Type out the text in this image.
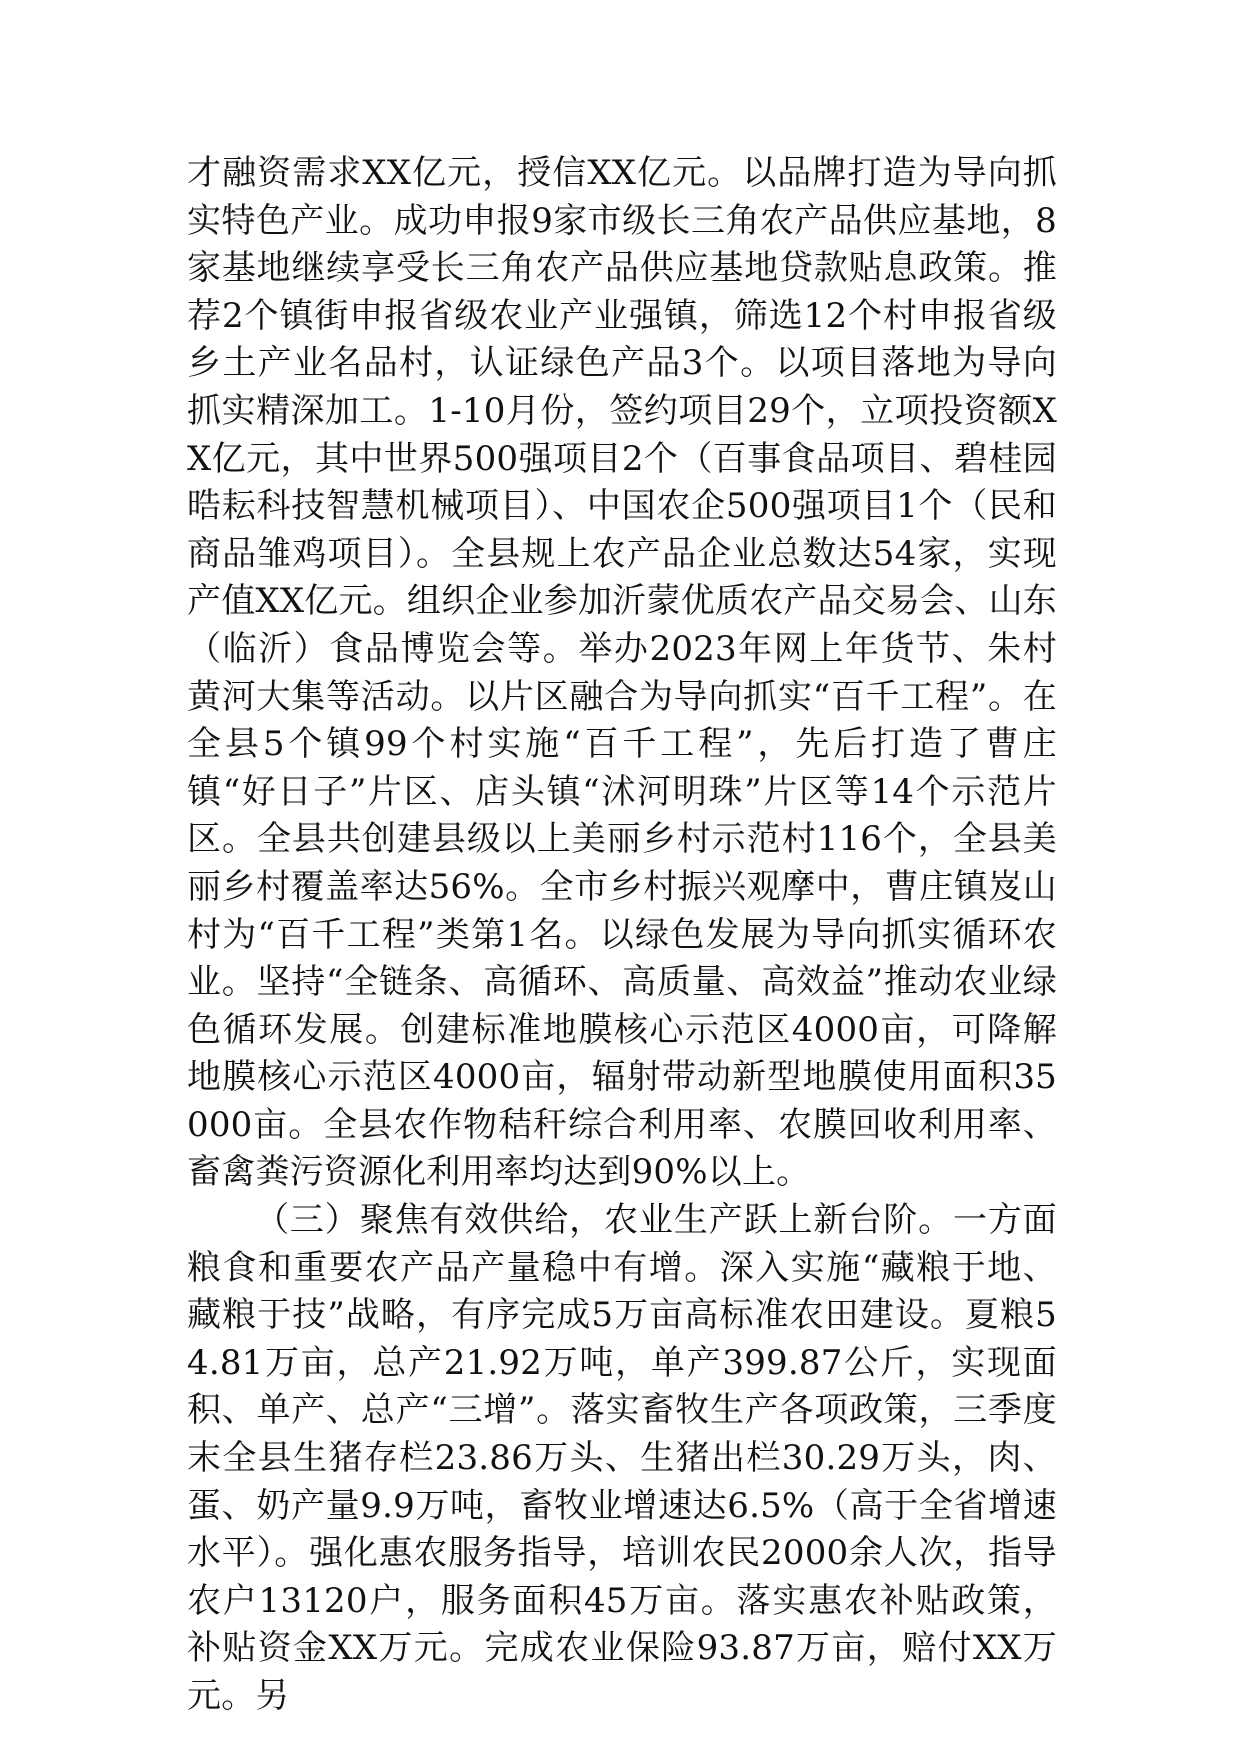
才融资需求XX亿元，授信XX亿元。以品牌打造为导向抓实特色产业。成功申报9家市级长三角农产品供应基地，8家基地继续享受长三角农产品供应基地贷款贴息政策。推荐2个镇街申报省级农业产业强镇，筛选12个村申报省级乡土产业名品村，认证绿色产品3个。以项目落地为导向抓实精深加工。1-10月份，签约项目29个，立项投资额XX亿元，其中世界500强项目2个（百事食品项目、碧桂园晧耘科技智慧机械项目）、中国农企500强项目1个（民和商品雏鸡项目）。全县规上农产品企业总数达54家，实现产值XX亿元。组织企业参加沂蒙优质农产品交易会、山东（临沂）食品博览会等。举办2023年网上年货节、朱村黄河大集等活动。以片区融合为导向抓实“百千工程”。在全县5个镇99个村实施“百千工程”，先后打造了曹庄镇“好日子”片区、店头镇“沭河明珠”片区等14个示范片区。全县共创建县级以上美丽乡村示范村116个，全县美丽乡村覆盖率达56%。全市乡村振兴观摩中，曹庄镇岌山村为“百千工程”类第1名。以绿色发展为导向抓实循环农业。坚持“全链条、高循环、高质量、高效益”推动农业绿色循环发展。创建标准地膜核心示范区4000亩，可降解地膜核心示范区4000亩，辐射带动新型地膜使用面积35000亩。全县农作物秸秆综合利用率、农膜回收利用率、畜禽粪污资源化利用率均达到90%以上。

（三）聚焦有效供给，农业生产跃上新台阶。一方面粮食和重要农产品产量稳中有增。深入实施“藏粮于地、藏粮于技”战略，有序完成5万亩高标准农田建设。夏粮54.81万亩，总产21.92万吨，单产399.87公斤，实现面积、单产、总产“三增”。落实畜牧生产各项政策，三季度末全县生猪存栏23.86万头、生猪出栏30.29万头，肉、蛋、奶产量9.9万吨，畜牧业增速达6.5%（高于全省增速水平）。强化惠农服务指导，培训农民2000余人次，指导农户13120户，服务面积45万亩。落实惠农补贴政策，补贴资金XX万元。完成农业保险93.87万亩，赔付XX万元。另
